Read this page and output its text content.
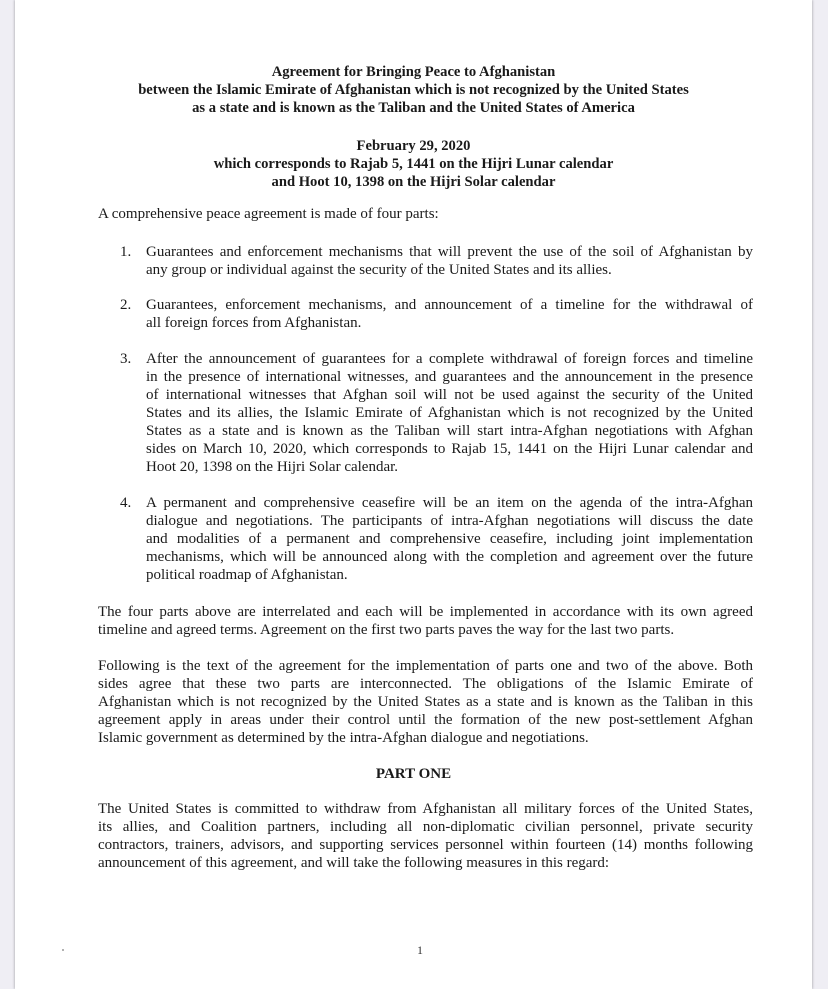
Agreement for Bringing Peace to Afghanistan
between the Islamic Emirate of Afghanistan which is not recognized by the United States
as a state and is known as the Taliban and the United States of America
February 29, 2020
which corresponds to Rajab 5, 1441 on the Hijri Lunar calendar
and Hoot 10, 1398 on the Hijri Solar calendar
A comprehensive peace agreement is made of four parts:
1. Guarantees and enforcement mechanisms that will prevent the use of the soil of Afghanistan by
any group or individual against the security of the United States and its allies.
2. Guarantees, enforcement mechanisms, and announcement of a timeline for the withdrawal of
all foreign forces from Afghanistan.
3. After the announcement of guarantees for a complete withdrawal of foreign forces and timeline
in the presence of international witnesses, and guarantees and the announcement in the presence
of international witnesses that Afghan soil will not be used against the security of the United
States and its allies, the Islamic Emirate of Afghanistan which is not recognized by the United
States as a state and is known as the Taliban will start intra-Afghan negotiations with Afghan
sides on March 10, 2020, which corresponds to Rajab 15, 1441 on the Hijri Lunar calendar and
Hoot 20, 1398 on the Hijri Solar calendar.
4. A permanent and comprehensive ceasefire will be an item on the agenda of the intra-Afghan
dialogue and negotiations. The participants of intra-Afghan negotiations will discuss the date
and modalities of a permanent and comprehensive ceasefire, including joint implementation
mechanisms, which will be announced along with the completion and agreement over the future
political roadmap of Afghanistan.
The four parts above are interrelated and each will be implemented in accordance with its own agreed
timeline and agreed terms. Agreement on the first two parts paves the way for the last two parts.
Following is the text of the agreement for the implementation of parts one and two of the above. Both
sides agree that these two parts are interconnected. The obligations of the Islamic Emirate of
Afghanistan which is not recognized by the United States as a state and is known as the Taliban in this
agreement apply in areas under their control until the formation of the new post-settlement Afghan
Islamic government as determined by the intra-Afghan dialogue and negotiations.
PART ONE
The United States is committed to withdraw from Afghanistan all military forces of the United States,
its allies, and Coalition partners, including all non-diplomatic civilian personnel, private security
contractors, trainers, advisors, and supporting services personnel within fourteen (14) months following
announcement of this agreement, and will take the following measures in this regard:
1
